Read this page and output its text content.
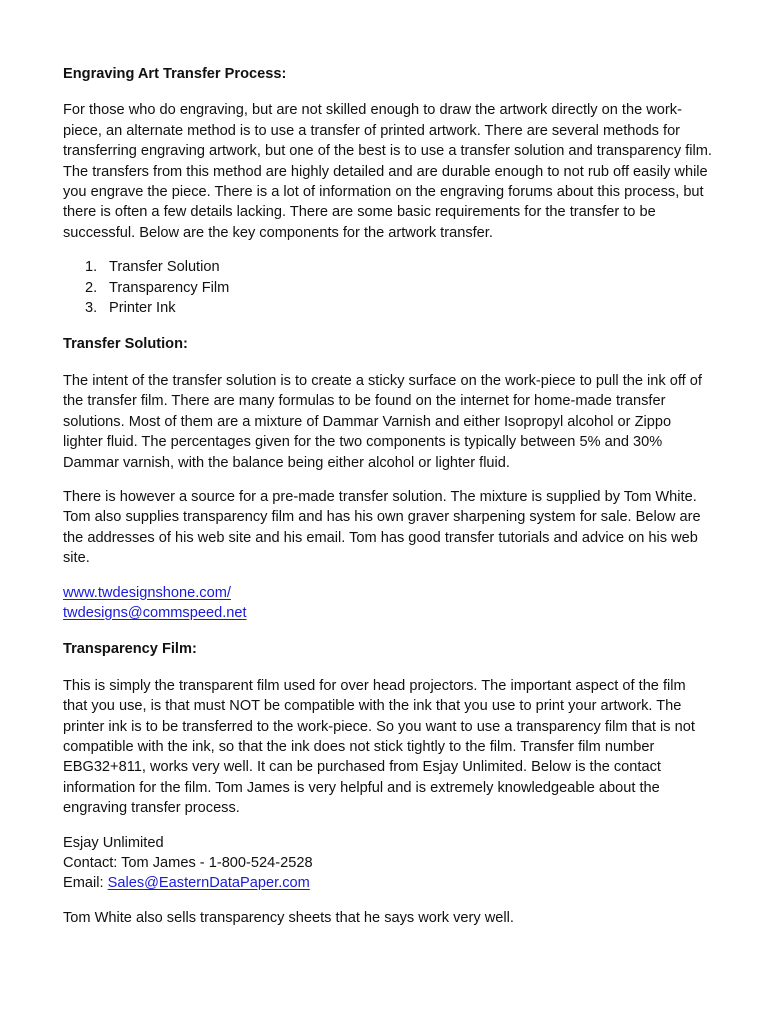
Engraving Art Transfer Process:

For those who do engraving, but are not skilled enough to draw the artwork directly on the work-piece, an alternate method is to use a transfer of printed artwork. There are several methods for transferring engraving artwork, but one of the best is to use a transfer solution and transparency film. The transfers from this method are highly detailed and are durable enough to not rub off easily while you engrave the piece. There is a lot of information on the engraving forums about this process, but there is often a few details lacking. There are some basic requirements for the transfer to be successful. Below are the key components for the artwork transfer.

1. Transfer Solution
2. Transparency Film
3. Printer Ink

Transfer Solution:

The intent of the transfer solution is to create a sticky surface on the work-piece to pull the ink off of the transfer film. There are many formulas to be found on the internet for home-made transfer solutions. Most of them are a mixture of Dammar Varnish and either Isopropyl alcohol or Zippo lighter fluid. The percentages given for the two components is typically between 5% and 30% Dammar varnish, with the balance being either alcohol or lighter fluid.

There is however a source for a pre-made transfer solution. The mixture is supplied by Tom White. Tom also supplies transparency film and has his own graver sharpening system for sale. Below are the addresses of his web site and his email. Tom has good transfer tutorials and advice on his web site.

www.twdesignshone.com/
twdesigns@commspeed.net

Transparency Film:

This is simply the transparent film used for over head projectors. The important aspect of the film that you use, is that must NOT be compatible with the ink that you use to print your artwork. The printer ink is to be transferred to the work-piece. So you want to use a transparency film that is not compatible with the ink, so that the ink does not stick tightly to the film. Transfer film number EBG32+811, works very well. It can be purchased from Esjay Unlimited. Below is the contact information for the film. Tom James is very helpful and is extremely knowledgeable about the engraving transfer process.

Esjay Unlimited
Contact: Tom James - 1-800-524-2528
Email: Sales@EasternDataPaper.com

Tom White also sells transparency sheets that he says work very well.
